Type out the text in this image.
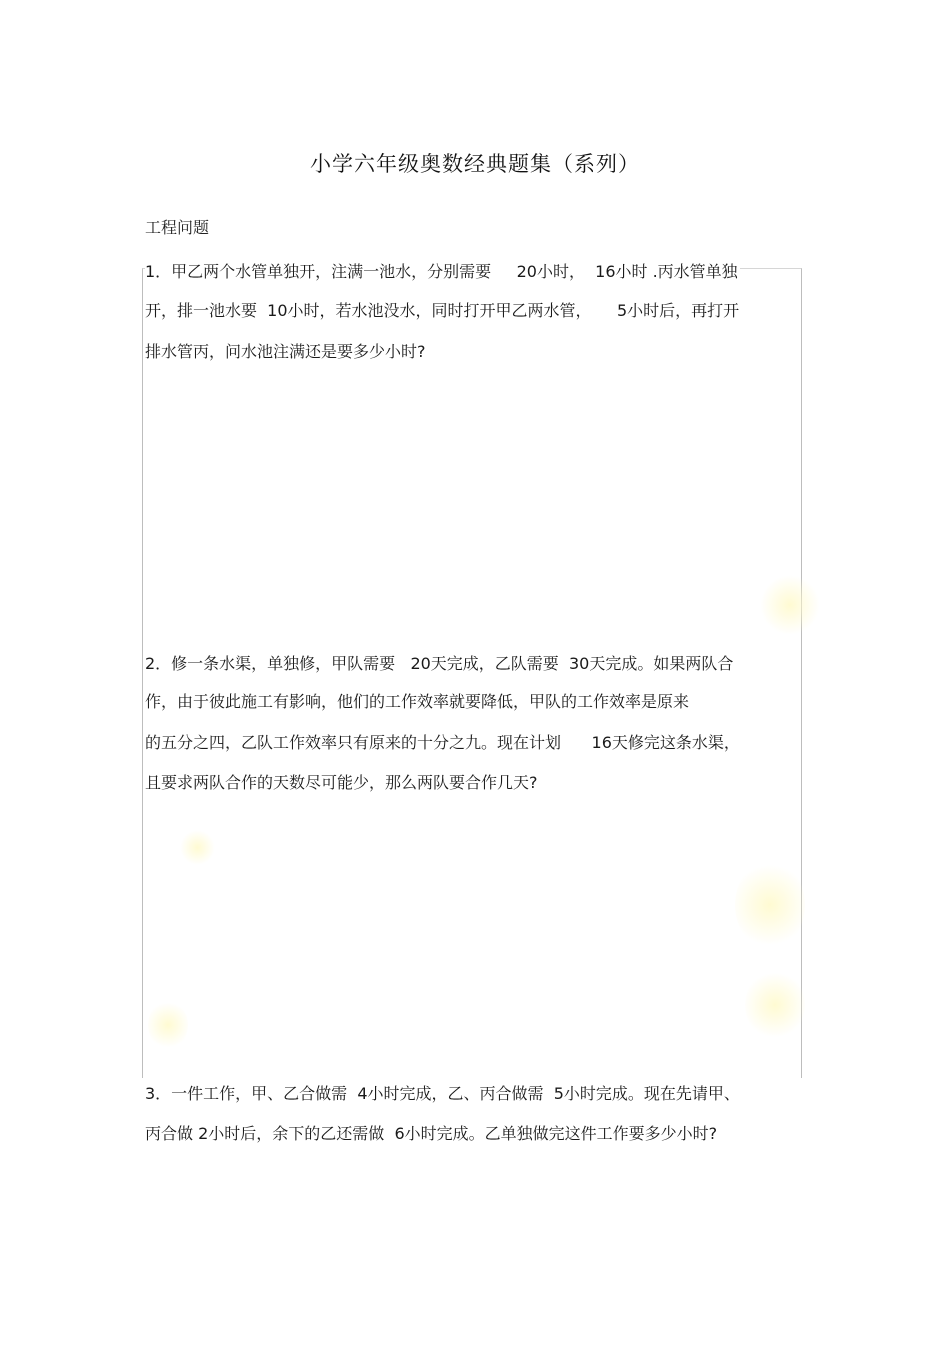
小学六年级奥数经典题集（系列）
工程问题
1．甲乙两个水管单独开，注满一池水，分别需要     20小时，  16小时 .丙水管单独
开，排一池水要  10小时，若水池没水，同时打开甲乙两水管，     5小时后，再打开
排水管丙，问水池注满还是要多少小时?
2．修一条水渠，单独修，甲队需要   20天完成，乙队需要  30天完成。如果两队合
作，由于彼此施工有影响，他们的工作效率就要降低，甲队的工作效率是原来
的五分之四，乙队工作效率只有原来的十分之九。现在计划      16天修完这条水渠，
且要求两队合作的天数尽可能少，那么两队要合作几天?
3．一件工作，甲、乙合做需  4小时完成，乙、丙合做需  5小时完成。现在先请甲、
丙合做 2小时后，余下的乙还需做  6小时完成。乙单独做完这件工作要多少小时?
